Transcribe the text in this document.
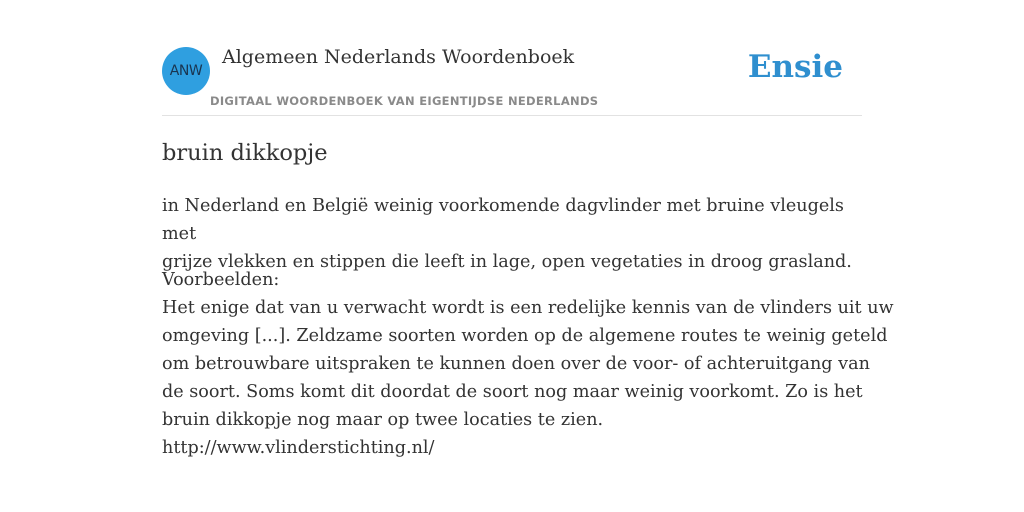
ANW
Algemeen Nederlands Woordenboek
DIGITAAL WOORDENBOEK VAN EIGENTIJDSE NEDERLANDS
Ensie
bruin dikkopje
in Nederland en België weinig voorkomende dagvlinder met bruine vleugels met
grijze vlekken en stippen die leeft in lage, open vegetaties in droog grasland.
Voorbeelden:
Het enige dat van u verwacht wordt is een redelijke kennis van de vlinders uit uw
omgeving [...]. Zeldzame soorten worden op de algemene routes te weinig geteld
om betrouwbare uitspraken te kunnen doen over de voor- of achteruitgang van
de soort. Soms komt dit doordat de soort nog maar weinig voorkomt. Zo is het
bruin dikkopje nog maar op twee locaties te zien.
http://www.vlinderstichting.nl/
